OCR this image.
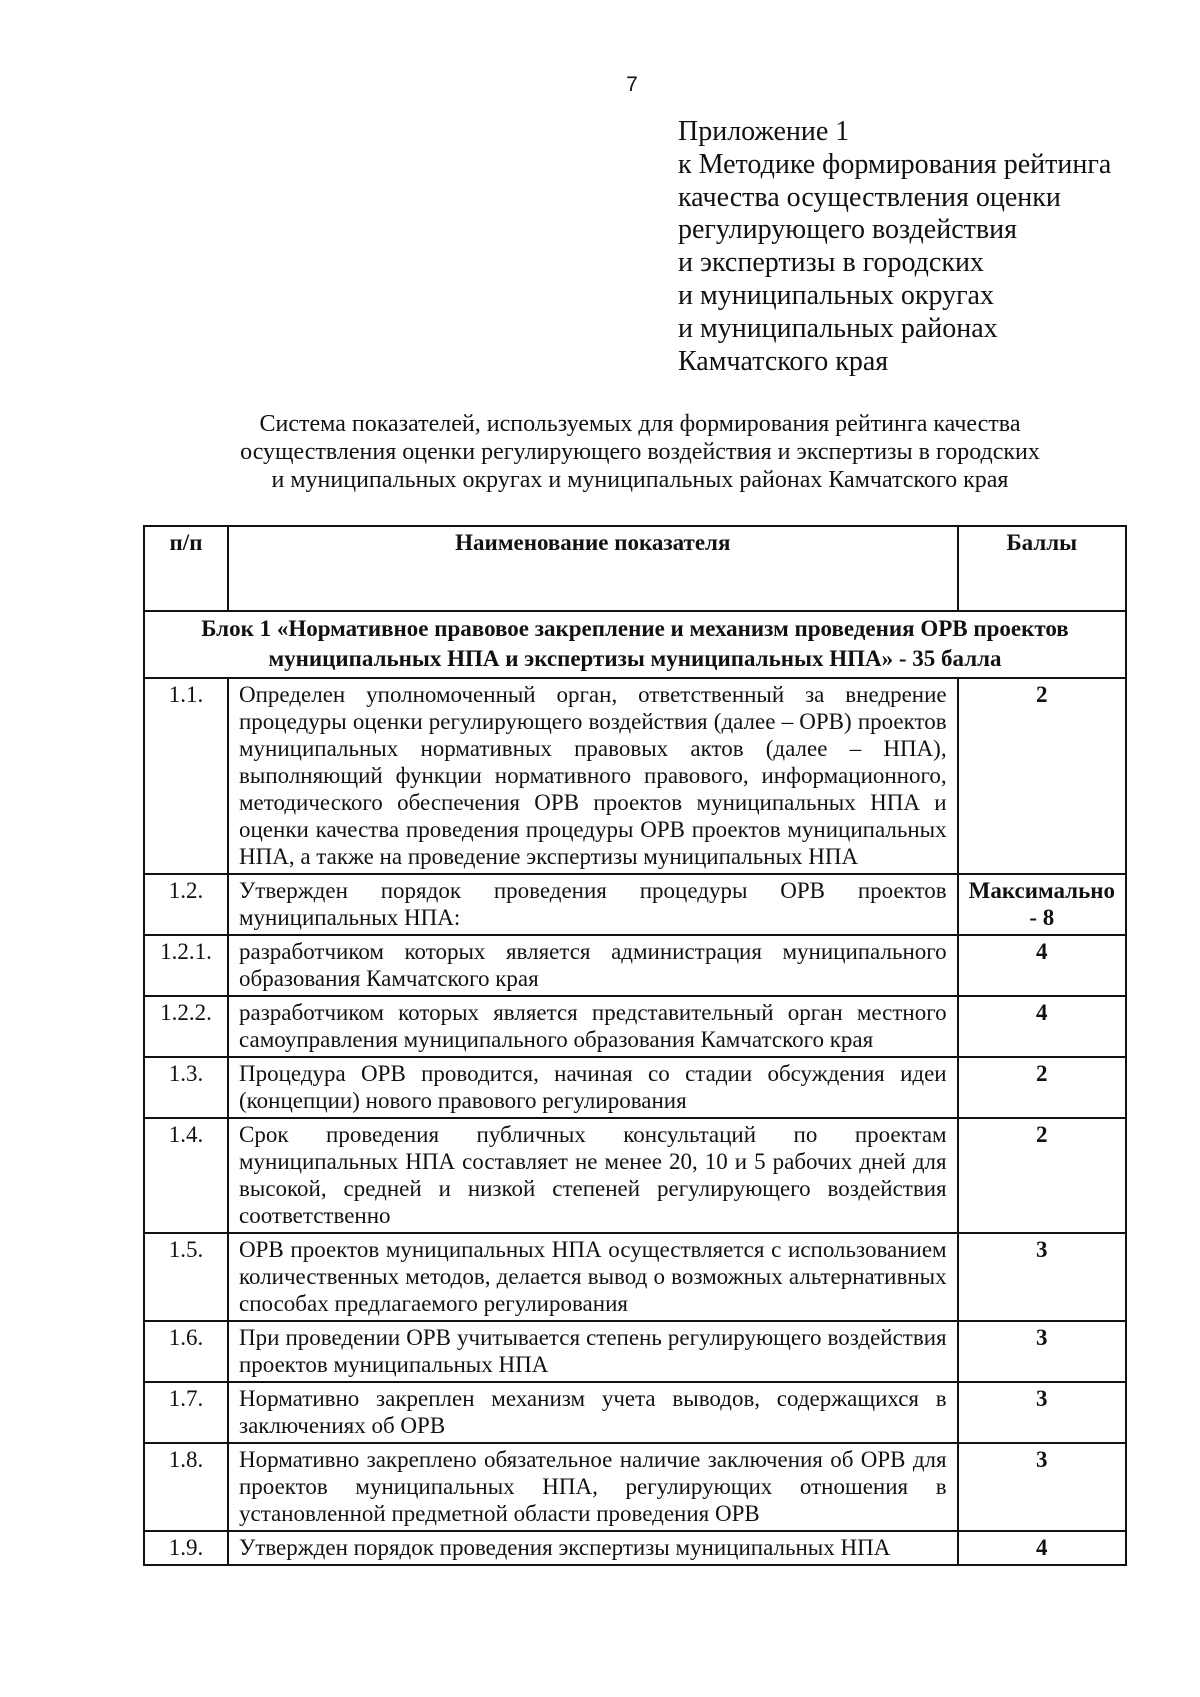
7
Приложение 1
к Методике формирования рейтинга
качества осуществления оценки
регулирующего воздействия
и экспертизы в городских
и муниципальных округах
и муниципальных районах
Камчатского края
Система показателей, используемых для формирования рейтинга качества
осуществления оценки регулирующего воздействия и экспертизы в городских
и муниципальных округах и муниципальных районах Камчатского края
п/п	Наименование показателя	Баллы
Блок 1 «Нормативное правовое закрепление и механизм проведения ОРВ проектов муниципальных НПА и экспертизы муниципальных НПА» - 35 балла		
1.1.	Определен уполномоченный орган, ответственный за внедрение процедуры оценки регулирующего воздействия (далее – ОРВ) проектов муниципальных нормативных правовых актов (далее – НПА), выполняющий функции нормативного правового, информационного, методического обеспечения ОРВ проектов муниципальных НПА и оценки качества проведения процедуры ОРВ проектов муниципальных НПА, а также на проведение экспертизы муниципальных НПА	2
1.2.	Утвержден порядок проведения процедуры ОРВ проектов муниципальных НПА:	Максимально - 8
1.2.1.	разработчиком которых является администрация муниципального образования Камчатского края	4
1.2.2.	разработчиком которых является представительный орган местного самоуправления муниципального образования Камчатского края	4
1.3.	Процедура ОРВ проводится, начиная со стадии обсуждения идеи (концепции) нового правового регулирования	2
1.4.	Срок проведения публичных консультаций по проектам муниципальных НПА составляет не менее 20, 10 и 5 рабочих дней для высокой, средней и низкой степеней регулирующего воздействия соответственно	2
1.5.	ОРВ проектов муниципальных НПА осуществляется с использованием количественных методов, делается вывод о возможных альтернативных способах предлагаемого регулирования	3
1.6.	При проведении ОРВ учитывается степень регулирующего воздействия проектов муниципальных НПА	3
1.7.	Нормативно закреплен механизм учета выводов, содержащихся в заключениях об ОРВ	3
1.8.	Нормативно закреплено обязательное наличие заключения об ОРВ для проектов муниципальных НПА, регулирующих отношения в установленной предметной области проведения ОРВ	3
1.9.	Утвержден порядок проведения экспертизы муниципальных НПА	4
